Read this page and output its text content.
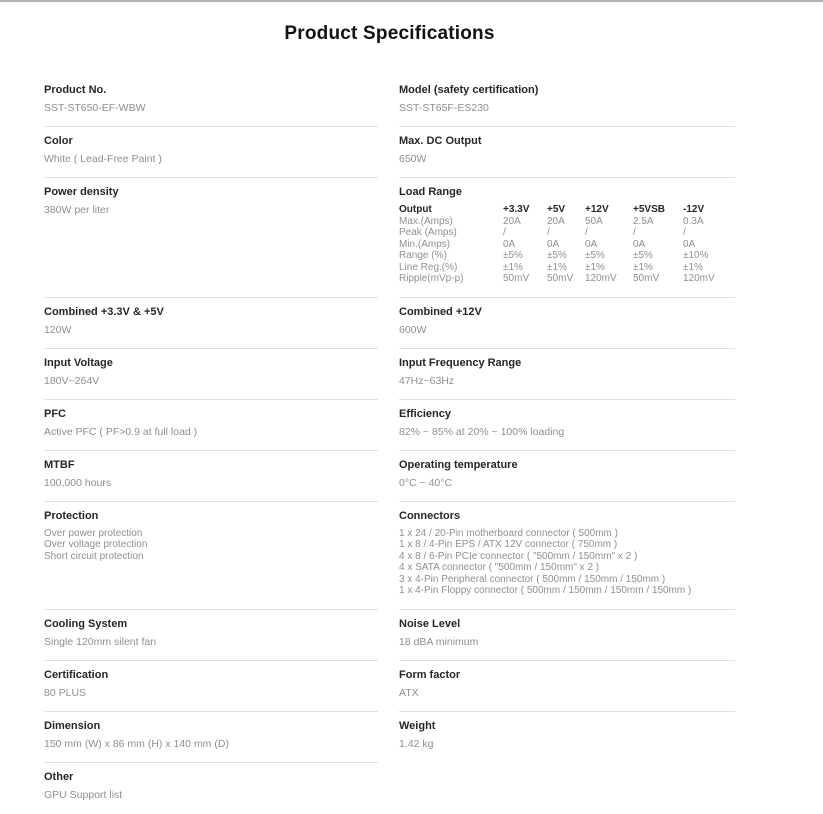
Product Specifications
Product No.

SST-ST650-EF-WBW

Model (safety certification)

SST-ST65F-ES230

Color

White ( Lead-Free Paint )

Max. DC Output

650W

Power density

380W per liter

Load Range
Output	+3.3V	+5V	+12V	+5VSB	-12V
Max.(Amps)	20A	20A	50A	2.5A	0.3A
Peak (Amps)	/	/	/	/	/
Min.(Amps)	0A	0A	0A	0A	0A
Range (%)	±5%	±5%	±5%	±5%	±10%
Line Reg.(%)	±1%	±1%	±1%	±1%	±1%
Ripple(mVp-p)	50mV	50mV	120mV	50mV	120mV
Combined +3.3V & +5V

120W

Combined +12V

600W

Input Voltage

180V~264V

Input Frequency Range

47Hz~63Hz

PFC

Active PFC ( PF>0.9 at full load )

Efficiency

82% ~ 85% at 20% ~ 100% loading

MTBF

100,000 hours

Operating temperature

0°C ~ 40°C

Protection

Over power protection

Over voltage protection

Short circuit protection

Connectors

1 x 24 / 20-Pin motherboard connector ( 500mm )

1 x 8 / 4-Pin EPS / ATX 12V connector ( 750mm )

4 x 8 / 6-Pin PCIe connector ( "500mm / 150mm" x 2 )

4 x SATA connector ( "500mm / 150mm" x 2 )

3 x 4-Pin Peripheral connector ( 500mm / 150mm / 150mm )

1 x 4-Pin Floppy connector ( 500mm / 150mm / 150mm / 150mm )

Cooling System

Single 120mm silent fan

Noise Level

18 dBA minimum

Certification

80 PLUS

Form factor

ATX

Dimension

150 mm (W) x 86 mm (H) x 140 mm (D)

Weight

1.42 kg

Other

GPU Support list
